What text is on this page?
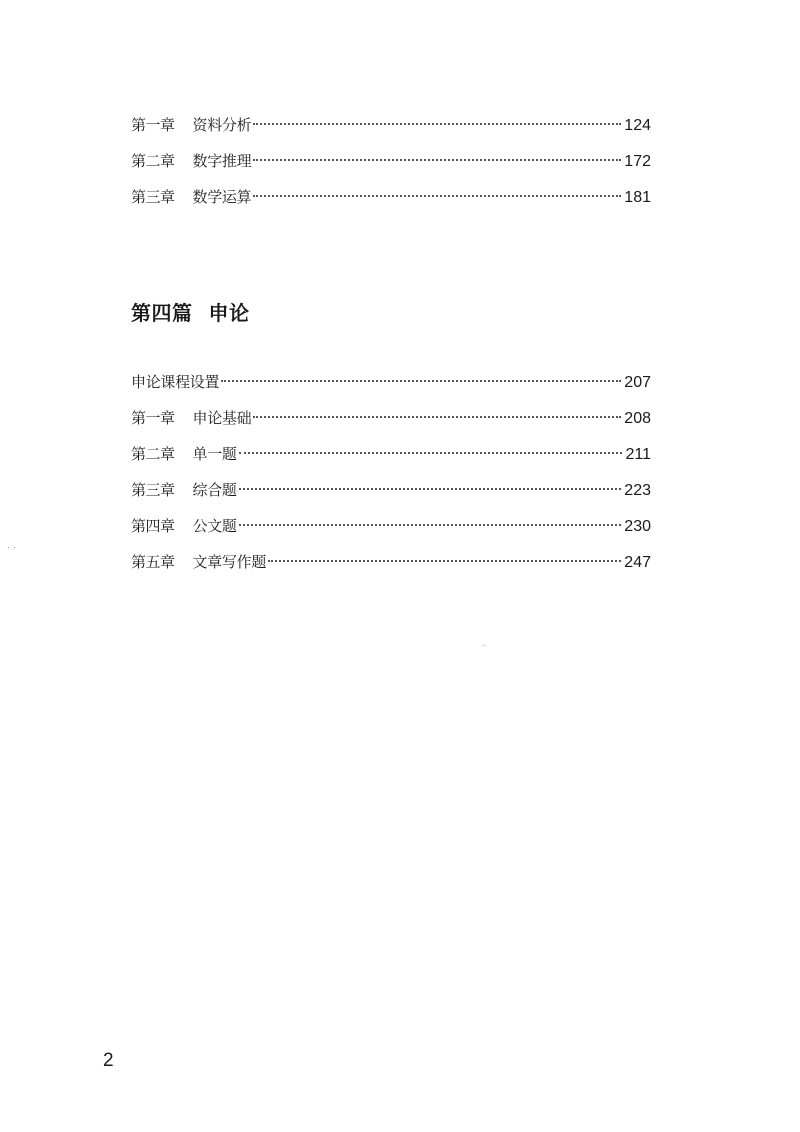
第一章 资料分析	124
第二章 数字推理	172
第三章 数学运算	181
第四篇 申论
申论课程设置	207
第一章 申论基础	208
第二章 单一题	211
第三章 综合题	223
第四章 公文题	230
第五章 文章写作题	247
2
